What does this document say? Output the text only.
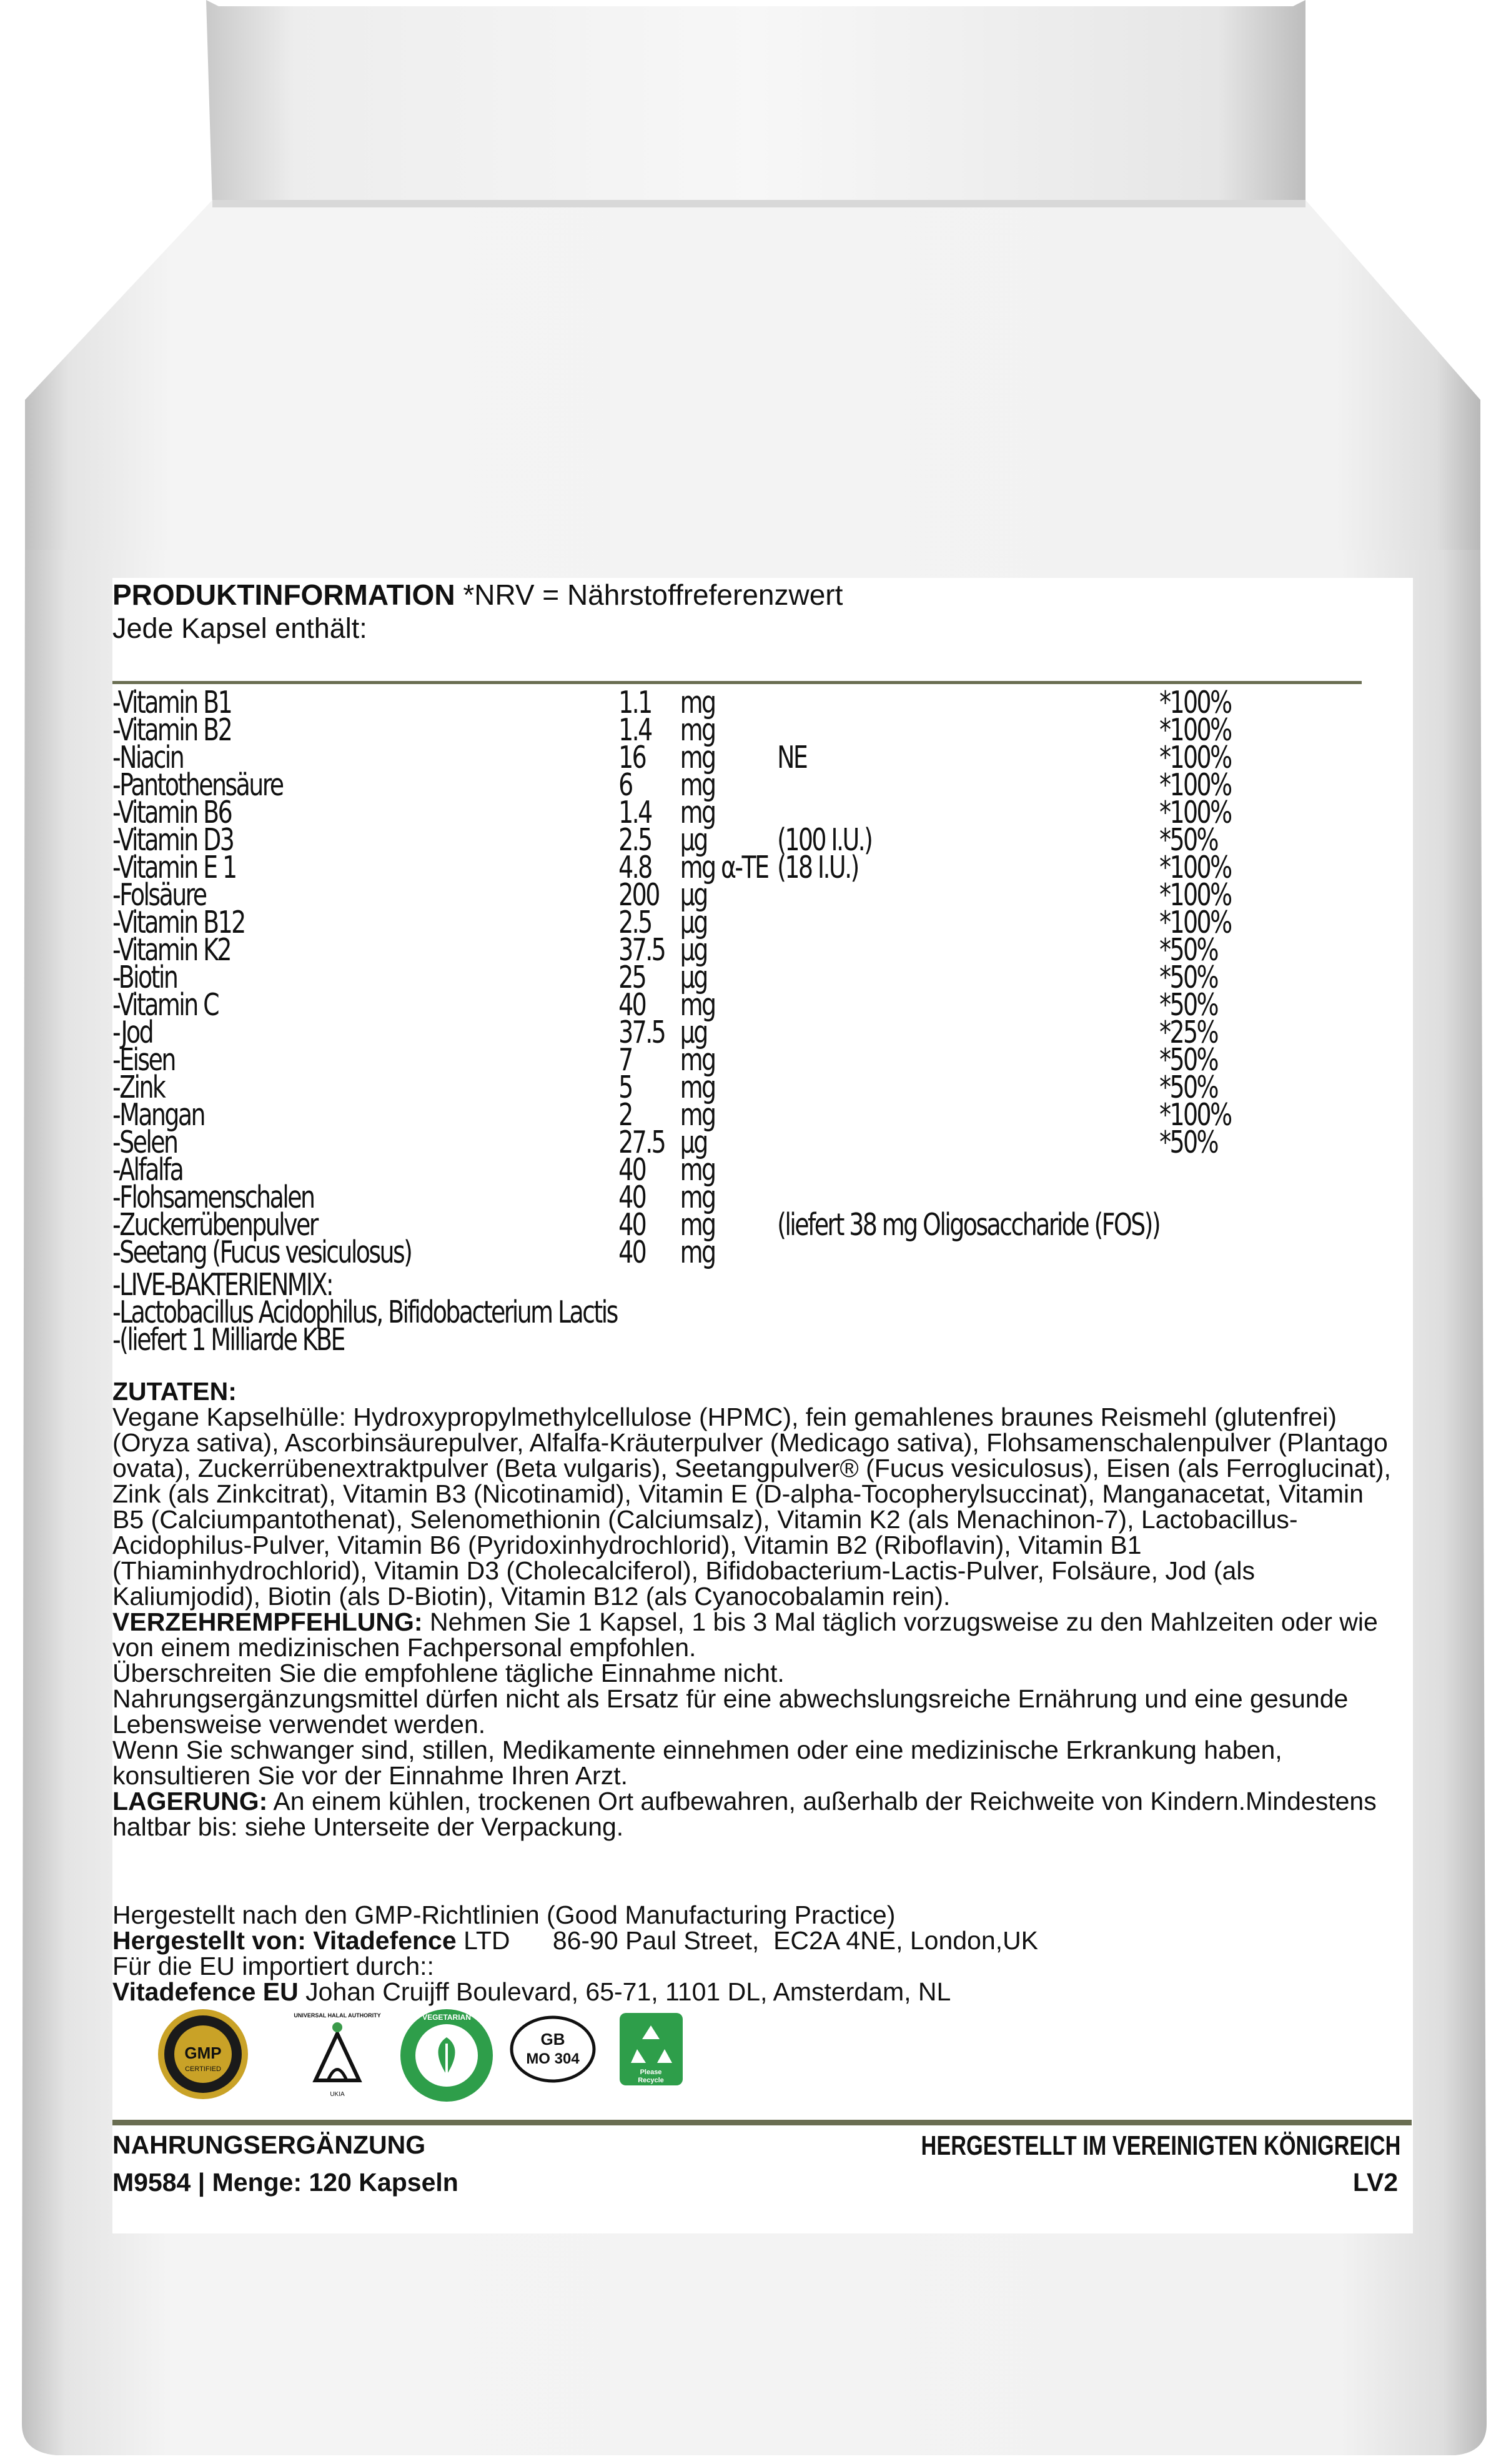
PRODUKTINFORMATION *NRV = Nährstoffreferenzwert
Jede Kapsel enthält:
-Vitamin B1	1.1	mg		*100%
-Vitamin B2	1.4	mg		*100%
-Niacin	16	mg	NE	*100%
-Pantothensäure	6	mg		*100%
-Vitamin B6	1.4	mg		*100%
-Vitamin D3	2.5	µg	(100 I.U.)	*50%
-Vitamin E 1	4.8	mg α-TE	(18 I.U.)	*100%
-Folsäure	200	µg		*100%
-Vitamin B12	2.5	µg		*100%
-Vitamin K2	37.5	µg		*50%
-Biotin	25	µg		*50%
-Vitamin C	40	mg		*50%
-Jod	37.5	µg		*25%
-Eisen	7	mg		*50%
-Zink	5	mg		*50%
-Mangan	2	mg		*100%
-Selen	27.5	µg		*50%
-Alfalfa	40	mg		
-Flohsamenschalen	40	mg		
-Zuckerrübenpulver	40	mg	(liefert 38 mg Oligosaccharide (FOS))	
-Seetang (Fucus vesiculosus)	40	mg		
-LIVE-BAKTERIENMIX:
-Lactobacillus Acidophilus, Bifidobacterium Lactis
-(liefert 1 Milliarde KBE
ZUTATEN:
Vegane Kapselhülle: Hydroxypropylmethylcellulose (HPMC), fein gemahlenes braunes Reismehl (glutenfrei) (Oryza sativa), Ascorbinsäurepulver, Alfalfa-Kräuterpulver (Medicago sativa), Flohsamenschalenpulver (Plantago ovata), Zuckerrübenextraktpulver (Beta vulgaris), Seetangpulver® (Fucus vesiculosus), Eisen (als Ferroglucinat), Zink (als Zinkcitrat), Vitamin B3 (Nicotinamid), Vitamin E (D-alpha-Tocopherylsuccinat), Manganacetat, Vitamin B5 (Calciumpantothenat), Selenomethionin (Calciumsalz), Vitamin K2 (als Menachinon-7), Lactobacillus-Acidophilus-Pulver, Vitamin B6 (Pyridoxinhydrochlorid), Vitamin B2 (Riboflavin), Vitamin B1 (Thiaminhydrochlorid), Vitamin D3 (Cholecalciferol), Bifidobacterium-Lactis-Pulver, Folsäure, Jod (als Kaliumjodid), Biotin (als D-Biotin), Vitamin B12 (als Cyanocobalamin rein).
VERZEHREMPFEHLUNG: Nehmen Sie 1 Kapsel, 1 bis 3 Mal täglich vorzugsweise zu den Mahlzeiten oder wie von einem medizinischen Fachpersonal empfohlen.
Überschreiten Sie die empfohlene tägliche Einnahme nicht.
Nahrungsergänzungsmittel dürfen nicht als Ersatz für eine abwechslungsreiche Ernährung und eine gesunde Lebensweise verwendet werden.
Wenn Sie schwanger sind, stillen, Medikamente einnehmen oder eine medizinische Erkrankung haben, konsultieren Sie vor der Einnahme Ihren Arzt.
LAGERUNG: An einem kühlen, trockenen Ort aufbewahren, außerhalb der Reichweite von Kindern.Mindestens haltbar bis: siehe Unterseite der Verpackung.
Hergestellt nach den GMP-Richtlinien (Good Manufacturing Practice)
Hergestellt von: Vitadefence LTD      86-90 Paul Street,  EC2A 4NE, London,UK
Für die EU importiert durch::
Vitadefence EU Johan Cruijff Boulevard, 65-71, 1101 DL, Amsterdam, NL
GMP
CERTIFIED
UKIA
UNIVERSAL HALAL AUTHORITY	VEGETARIAN
GB
MO 304
Please
Recycle
NAHRUNGSERGÄNZUNG	HERGESTELLT IM VEREINIGTEN KÖNIGREICH
M9584 | Menge: 120 Kapseln	LV2
